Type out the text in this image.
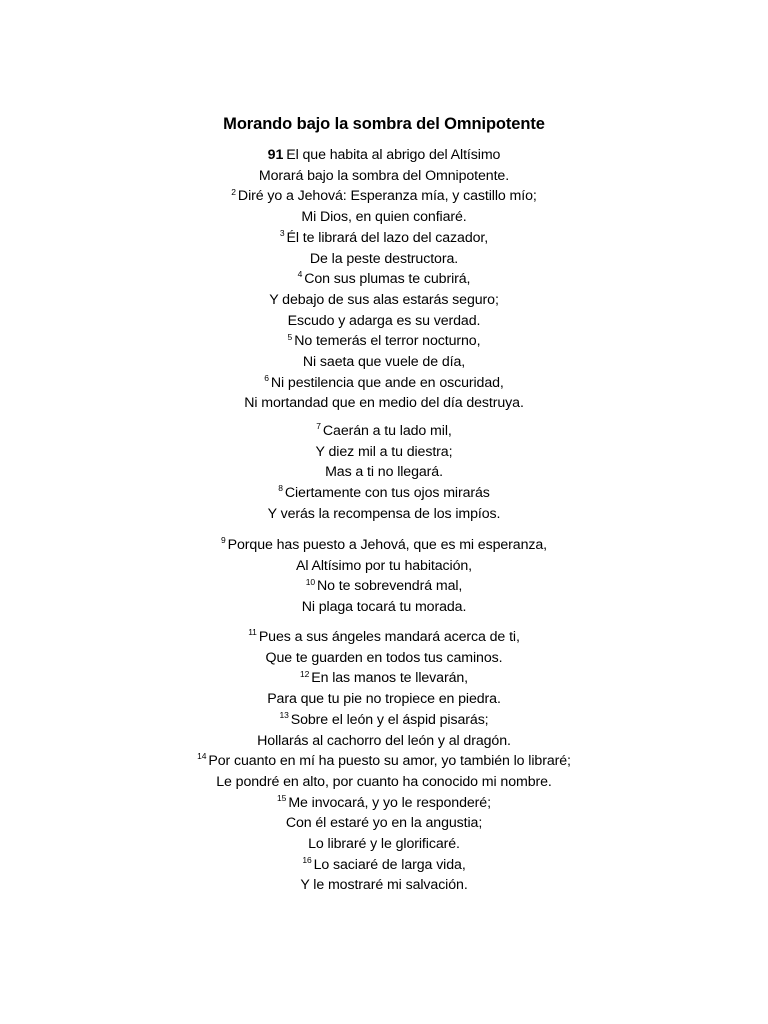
Morando bajo la sombra del Omnipotente
91 El que habita al abrigo del Altísimo
Morará bajo la sombra del Omnipotente.
$^2$ Diré yo a Jehová: Esperanza mía, y castillo mío;
Mi Dios, en quien confiaré.
$^3$ Él te librará del lazo del cazador,
De la peste destructora.
$^4$ Con sus plumas te cubrirá,
Y debajo de sus alas estarás seguro;
Escudo y adarga es su verdad.
$^5$ No temerás el terror nocturno,
Ni saeta que vuele de día,
$^6$ Ni pestilencia que ande en oscuridad,
Ni mortandad que en medio del día destruya.
$^7$ Caerán a tu lado mil,
Y diez mil a tu diestra;
Mas a ti no llegará.
$^8$ Ciertamente con tus ojos mirarás
Y verás la recompensa de los impíos.
$^9$ Porque has puesto a Jehová, que es mi esperanza,
Al Altísimo por tu habitación,
$^{10}$ No te sobrevendrá mal,
Ni plaga tocará tu morada.
$^{11}$ Pues a sus ángeles mandará acerca de ti,
Que te guarden en todos tus caminos.
$^{12}$ En las manos te llevarán,
Para que tu pie no tropiece en piedra.
$^{13}$ Sobre el león y el áspid pisarás;
Hollarás al cachorro del león y al dragón.
$^{14}$ Por cuanto en mí ha puesto su amor, yo también lo libraré;
Le pondré en alto, por cuanto ha conocido mi nombre.
$^{15}$ Me invocará, y yo le responderé;
Con él estaré yo en la angustia;
Lo libraré y le glorificaré.
$^{16}$ Lo saciaré de larga vida,
Y le mostraré mi salvación.
